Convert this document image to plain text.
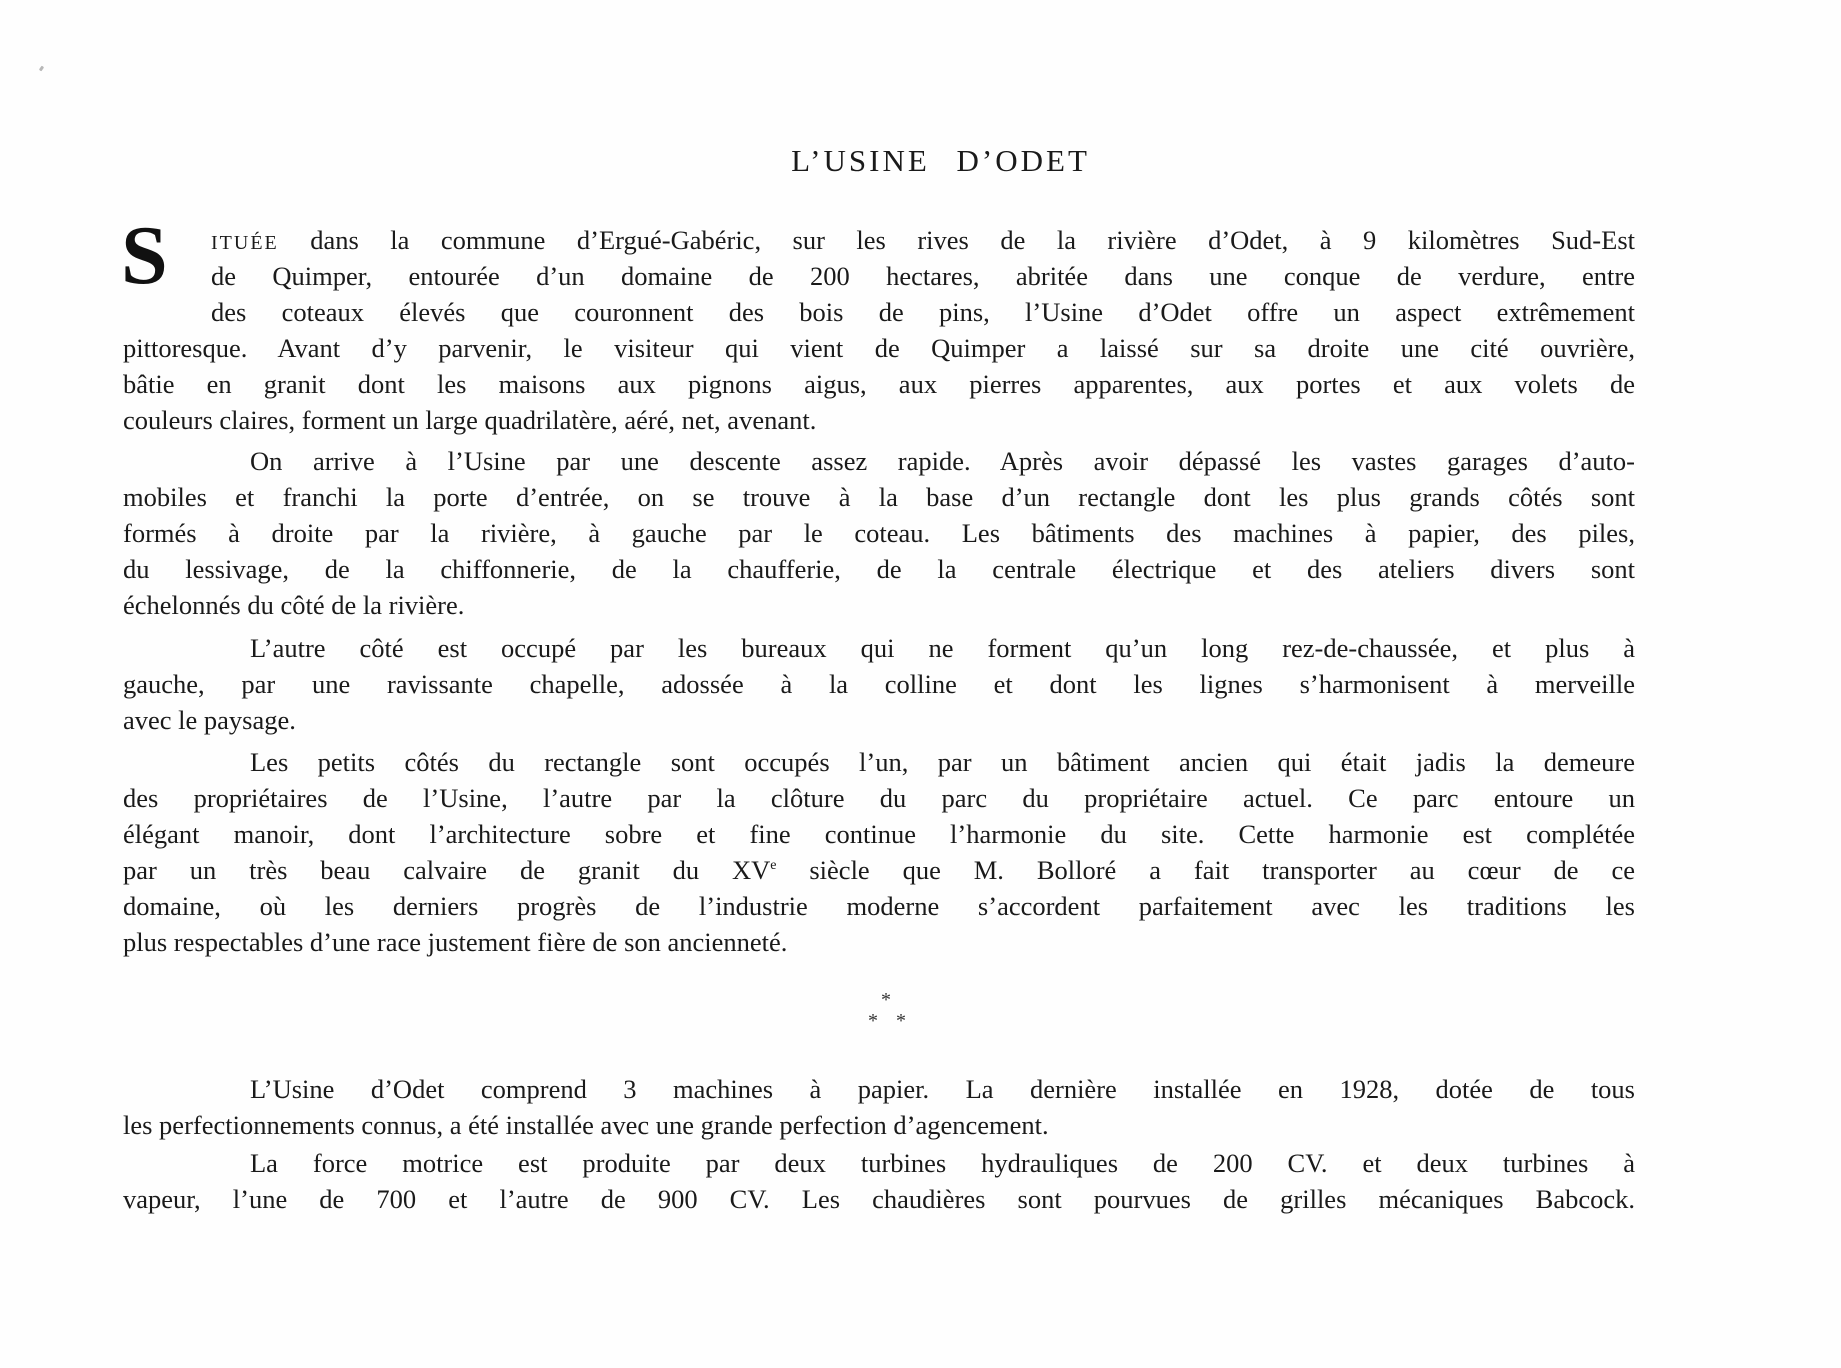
L’USINE D’ODET
S	ITUÉE dans la commune d’Ergué-Gabéric, sur les rives de la rivière d’Odet, à 9 kilomètres Sud-Est
de Quimper, entourée d’un domaine de 200 hectares, abritée dans une conque de verdure, entre
des coteaux élevés que couronnent des bois de pins, l’Usine d’Odet offre un aspect extrêmement
pittoresque. Avant d’y parvenir, le visiteur qui vient de Quimper a laissé sur sa droite une cité ouvrière,
bâtie en granit dont les maisons aux pignons aigus, aux pierres apparentes, aux portes et aux volets de
couleurs claires, forment un large quadrilatère, aéré, net, avenant.
On arrive à l’Usine par une descente assez rapide. Après avoir dépassé les vastes garages d’auto-
mobiles et franchi la porte d’entrée, on se trouve à la base d’un rectangle dont les plus grands côtés sont
formés à droite par la rivière, à gauche par le coteau. Les bâtiments des machines à papier, des piles,
du lessivage, de la chiffonnerie, de la chaufferie, de la centrale électrique et des ateliers divers sont
échelonnés du côté de la rivière.
L’autre côté est occupé par les bureaux qui ne forment qu’un long rez-de-chaussée, et plus à
gauche, par une ravissante chapelle, adossée à la colline et dont les lignes s’harmonisent à merveille
avec le paysage.
Les petits côtés du rectangle sont occupés l’un, par un bâtiment ancien qui était jadis la demeure
des propriétaires de l’Usine, l’autre par la clôture du parc du propriétaire actuel. Ce parc entoure un
élégant manoir, dont l’architecture sobre et fine continue l’harmonie du site. Cette harmonie est complétée
par un très beau calvaire de granit du XVe siècle que M. Bolloré a fait transporter au cœur de ce
domaine, où les derniers progrès de l’industrie moderne s’accordent parfaitement avec les traditions les
plus respectables d’une race justement fière de son ancienneté.
*
* *
L’Usine d’Odet comprend 3 machines à papier. La dernière installée en 1928, dotée de tous
les perfectionnements connus, a été installée avec une grande perfection d’agencement.
La force motrice est produite par deux turbines hydrauliques de 200 CV. et deux turbines à
vapeur, l’une de 700 et l’autre de 900 CV. Les chaudières sont pourvues de grilles mécaniques Babcock.
